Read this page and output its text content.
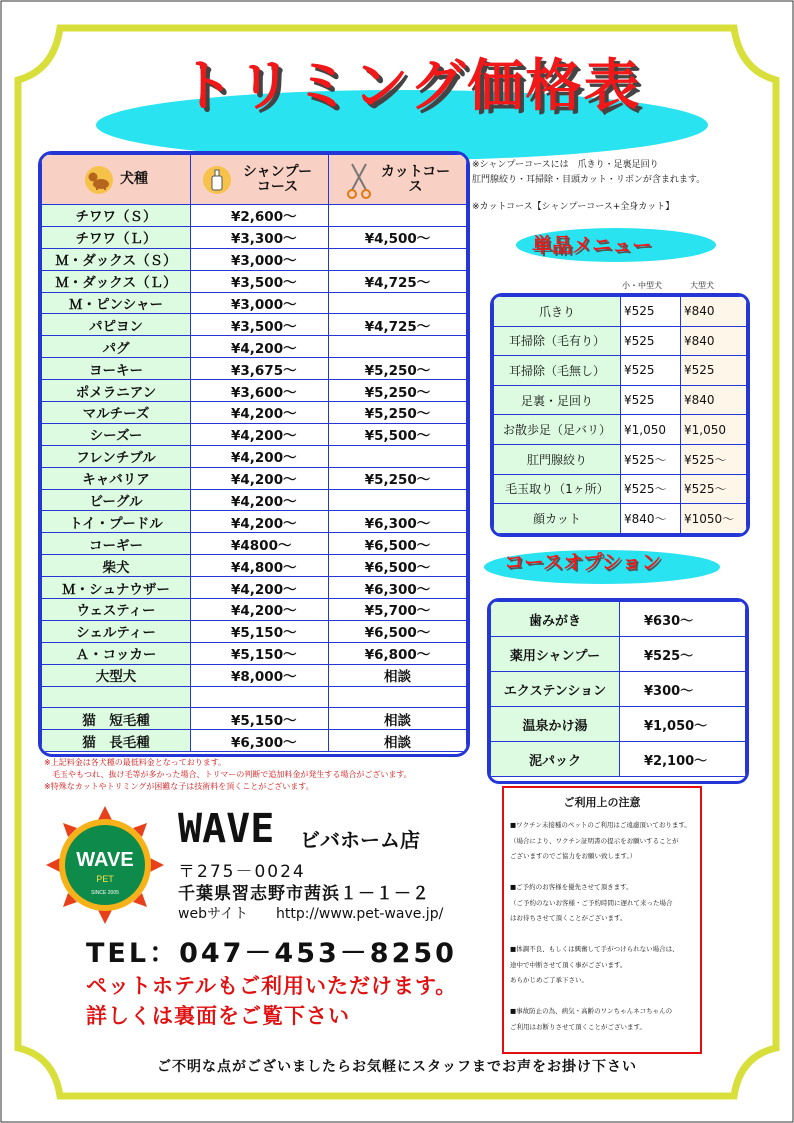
トリミング価格表
犬種	シャンプーコース	カットコース

チワワ（Ｓ）	¥2,600～	
チワワ（Ｌ）	¥3,300～	¥4,500～
Ｍ・ダックス（Ｓ）	¥3,000～	
Ｍ・ダックス（Ｌ）	¥3,500～	¥4,725～
Ｍ・ピンシャー	¥3,000～	
パピヨン	¥3,500～	¥4,725～
パグ	¥4,200～	
ヨーキー	¥3,675～	¥5,250～
ポメラニアン	¥3,600～	¥5,250～
マルチーズ	¥4,200～	¥5,250～
シーズー	¥4,200～	¥5,500～
フレンチブル	¥4,200～	
キャバリア	¥4,200～	¥5,250～
ビーグル	¥4,200～	
トイ・プードル	¥4,200～	¥6,300～
コーギー	¥4800～	¥6,500～
柴犬	¥4,800～	¥6,500～
Ｍ・シュナウザー	¥4,200～	¥6,300～
ウェスティー	¥4,200～	¥5,700～
シェルティー	¥5,150～	¥6,500～
Ａ・コッカー	¥5,150～	¥6,800～
大型犬	¥8,000～	相談

猫　短毛種	¥5,150～	相談
猫　長毛種	¥6,300～	相談
※上記料金は各犬種の最低料金となっております。
毛玉やもつれ、抜け毛等が多かった場合、トリマーの判断で追加料金が発生する場合がございます。
※特殊なカットやトリミングが困難な子は技術料を頂くことがございます。
※シャンプーコースには　爪きり・足裏足回り
肛門腺絞り・耳掃除・目頭カット・リボンが含まれます。
※カットコース【シャンプーコース+全身カット】
単品メニュー
小・中型犬	大型犬
爪きり	¥525	¥840
耳掃除（毛有り）	¥525	¥840
耳掃除（毛無し）	¥525	¥525
足裏・足回り	¥525	¥840
お散歩足（足バリ）	¥1,050	¥1,050
肛門腺絞り	¥525～	¥525～
毛玉取り（1ヶ所）	¥525～	¥525～
顔カット	¥840～	¥1050～
コースオプション
歯みがき	¥630～
薬用シャンプー	¥525～
エクステンション	¥300～
温泉かけ湯	¥1,050～
泥パック	¥2,100～
ご利用上の注意

■ワクチン未接種のペットのご利用はご遠慮頂いております。

（場合により、ワクチン証明書の提示をお願いすることが

ございますのでご協力をお願い致します。）

■ご予約のお客様を優先させて頂きます。

（ご予約のないお客様・ご予約時間に遅れて来った場合

はお待ちさせて頂くことがございます。

■体調不良、もしくは興奮して手がつけられない場合は、

途中で中断させて頂く事がございます。

あらかじめご了承下さい。

■事故防止の為、病気・高齢のワンちゃんネコちゃんの

ご利用はお断りさせて頂くことがございます。

WAVE
PET
SINCE 2005
WAVE ビバホーム店
〒275－0024
千葉県習志野市茜浜１－１－２
webサイト http://www.pet-wave.jp/
TEL：047－453－8250
ペットホテルもご利用いただけます。
詳しくは裏面をご覧下さい
ご不明な点がございましたらお気軽にスタッフまでお声をお掛け下さい
